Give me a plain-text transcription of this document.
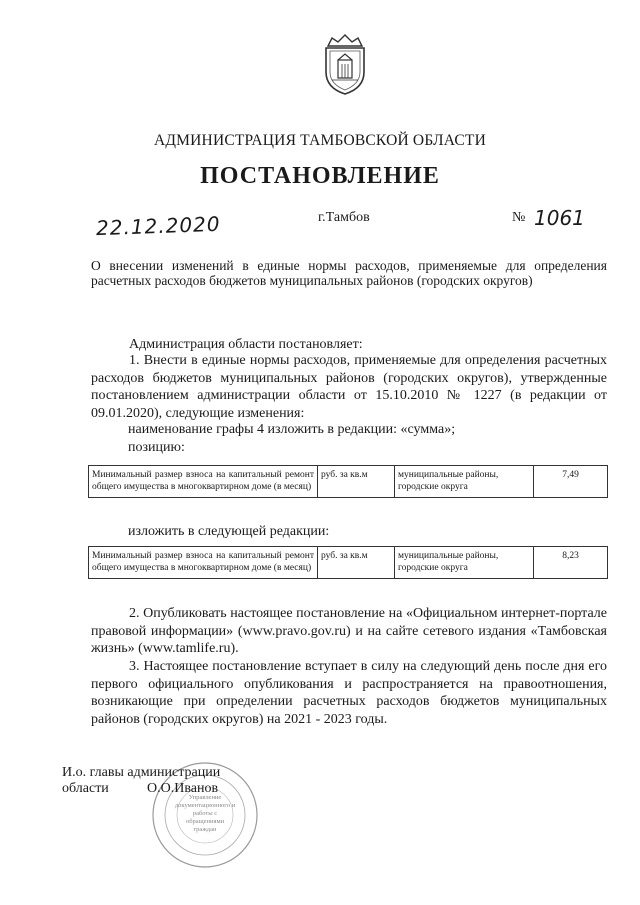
АДМИНИСТРАЦИЯ ТАМБОВСКОЙ ОБЛАСТИ
ПОСТАНОВЛЕНИЕ
22.12.2020	г.Тамбов	№ 1061
О внесении изменений в единые нормы расходов, применяемые для определения расчетных расходов бюджетов муниципальных районов (городских округов)
Администрация области постановляет:
1. Внести в единые нормы расходов, применяемые для определения расчетных расходов бюджетов муниципальных районов (городских округов), утвержденные постановлением администрации области от 15.10.2010 № 1227 (в редакции от 09.01.2020), следующие изменения:
наименование графы 4 изложить в редакции: «сумма»;
позицию:
Минимальный размер взноса на капитальный ремонт общего имущества в многоквартирном доме (в месяц)	руб. за кв.м	муниципальные районы, городские округа	7,49
изложить в следующей редакции:
Минимальный размер взноса на капитальный ремонт общего имущества в многоквартирном доме (в месяц)	руб. за кв.м	муниципальные районы, городские округа	8,23
2. Опубликовать настоящее постановление на «Официальном интернет-портале правовой информации» (www.pravo.gov.ru) и на сайте сетевого издания «Тамбовская жизнь» (www.tamlife.ru).
3. Настоящее постановление вступает в силу на следующий день после дня его первого официального опубликования и распространяется на правоотношения, возникающие при определении расчетных расходов бюджетов муниципальных районов (городских округов) на 2021 - 2023 годы.
Управление документационного и работы с обращениями граждан
И.о. главы администрации
области	О.О.Иванов
